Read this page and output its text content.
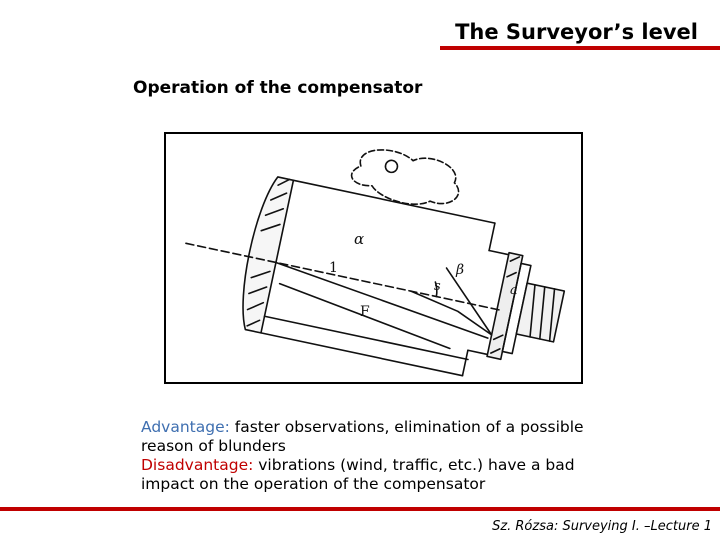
The Surveyor’s level
Operation of the compensator
α
1	β
s	a
F
Advantage: faster observations, elimination of a possible reason of blunders
Disadvantage: vibrations (wind, traffic, etc.) have a bad impact on the operation of the compensator
Sz. Rózsa: Surveying I. –Lecture 1
